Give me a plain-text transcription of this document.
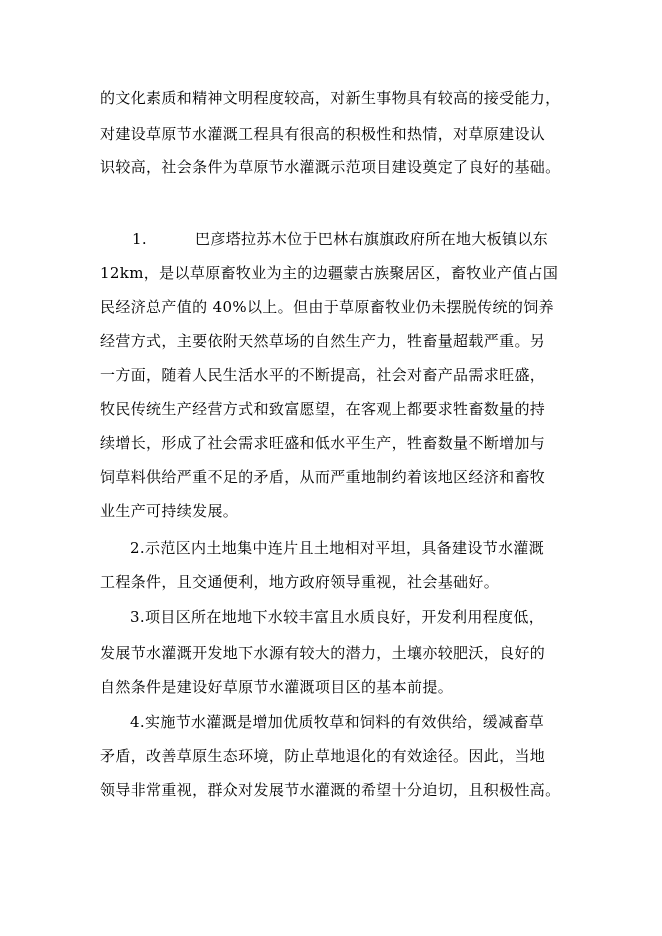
的文化素质和精神文明程度较高，对新生事物具有较高的接受能力，
对建设草原节水灌溉工程具有很高的积极性和热情，对草原建设认
识较高，社会条件为草原节水灌溉示范项目建设奠定了良好的基础。
1.	巴彦塔拉苏木位于巴林右旗旗政府所在地大板镇以东
12km，是以草原畜牧业为主的边疆蒙古族聚居区，畜牧业产值占国
民经济总产值的 40%以上。但由于草原畜牧业仍未摆脱传统的饲养
经营方式，主要依附天然草场的自然生产力，牲畜量超载严重。另
一方面，随着人民生活水平的不断提高，社会对畜产品需求旺盛，
牧民传统生产经营方式和致富愿望，在客观上都要求牲畜数量的持
续增长，形成了社会需求旺盛和低水平生产，牲畜数量不断增加与
饲草料供给严重不足的矛盾，从而严重地制约着该地区经济和畜牧
业生产可持续发展。
2.示范区内土地集中连片且土地相对平坦，具备建设节水灌溉
工程条件，且交通便利，地方政府领导重视，社会基础好。
3.项目区所在地地下水较丰富且水质良好，开发利用程度低，
发展节水灌溉开发地下水源有较大的潜力，土壤亦较肥沃，良好的
自然条件是建设好草原节水灌溉项目区的基本前提。
4.实施节水灌溉是增加优质牧草和饲料的有效供给，缓减畜草
矛盾，改善草原生态环境，防止草地退化的有效途径。因此，当地
领导非常重视，群众对发展节水灌溉的希望十分迫切，且积极性高。
